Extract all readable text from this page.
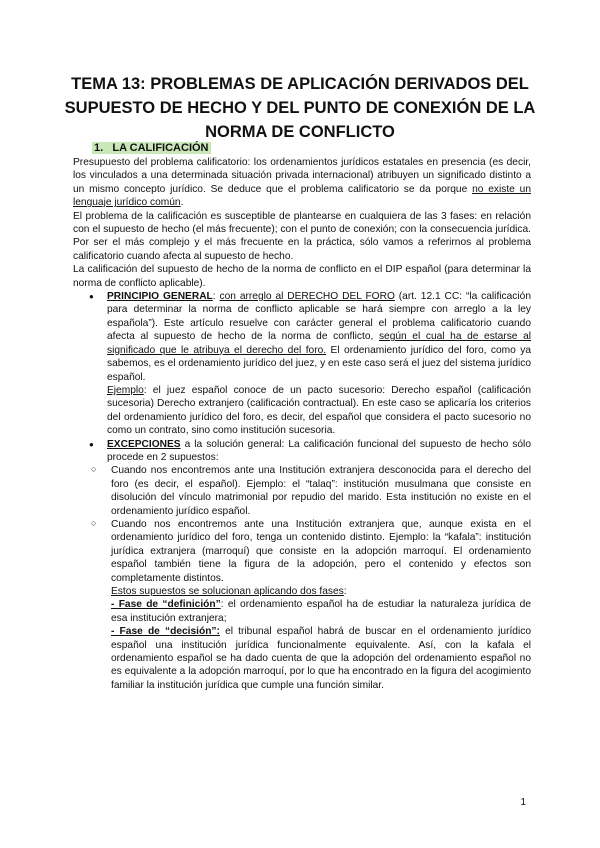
TEMA 13: PROBLEMAS DE APLICACIÓN DERIVADOS DEL SUPUESTO DE HECHO Y DEL PUNTO DE CONEXIÓN DE LA NORMA DE CONFLICTO
1. LA CALIFICACIÓN

Presupuesto del problema calificatorio: los ordenamientos jurídicos estatales en presencia (es decir, los vinculados a una determinada situación privada internacional) atribuyen un significado distinto a un mismo concepto jurídico. Se deduce que el problema calificatorio se da porque no existe un lenguaje jurídico común.

El problema de la calificación es susceptible de plantearse en cualquiera de las 3 fases: en relación con el supuesto de hecho (el más frecuente); con el punto de conexión; con la consecuencia jurídica. Por ser el más complejo y el más frecuente en la práctica, sólo vamos a referirnos al problema calificatorio cuando afecta al supuesto de hecho.

La calificación del supuesto de hecho de la norma de conflicto en el DIP español (para determinar la norma de conflicto aplicable).

● PRINCIPIO GENERAL: con arreglo al DERECHO DEL FORO (art. 12.1 CC: “la calificación para determinar la norma de conflicto aplicable se hará siempre con arreglo a la ley española”). Este artículo resuelve con carácter general el problema calificatorio cuando afecta al supuesto de hecho de la norma de conflicto, según el cual ha de estarse al significado que le atribuya el derecho del foro. El ordenamiento jurídico del foro, como ya sabemos, es el ordenamiento jurídico del juez, y en este caso será el juez del sistema jurídico español.

Ejemplo: el juez español conoce de un pacto sucesorio: Derecho español (calificación sucesoria) Derecho extranjero (calificación contractual). En este caso se aplicaría los criterios del ordenamiento jurídico del foro, es decir, del español que considera el pacto sucesorio no como un contrato, sino como institución sucesoria.

● EXCEPCIONES a la solución general: La calificación funcional del supuesto de hecho sólo procede en 2 supuestos:

○ Cuando nos encontremos ante una Institución extranjera desconocida para el derecho del foro (es decir, el español). Ejemplo: el “talaq”: institución musulmana que consiste en disolución del vínculo matrimonial por repudio del marido. Esta institución no existe en el ordenamiento jurídico español.
○ Cuando nos encontremos ante una Institución extranjera que, aunque exista en el ordenamiento jurídico del foro, tenga un contenido distinto. Ejemplo: la “kafala”: institución jurídica extranjera (marroquí) que consiste en la adopción marroquí. El ordenamiento español también tiene la figura de la adopción, pero el contenido y efectos son completamente distintos.

Estos supuestos se solucionan aplicando dos fases:

- Fase de “definición”: el ordenamiento español ha de estudiar la naturaleza jurídica de esa institución extranjera;

- Fase de “decisión”: el tribunal español habrá de buscar en el ordenamiento jurídico español una institución jurídica funcionalmente equivalente. Así, con la kafala el ordenamiento español se ha dado cuenta de que la adopción del ordenamiento español no es equivalente a la adopción marroquí, por lo que ha encontrado en la figura del acogimiento familiar la institución jurídica que cumple una función similar.

1
